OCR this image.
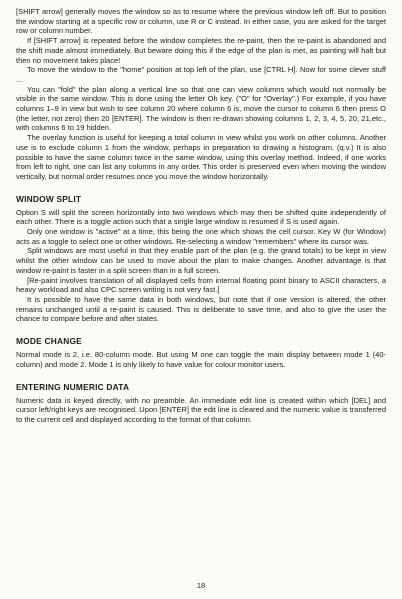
[SHIFT arrow] generally moves the window so as to resume where the previous window left off. But to position the window starting at a specific row or column, use R or C instead. In either case, you are asked for the target row or column number.

If [SHIFT arrow] is repeated before the window completes the re-paint, then the re-paint is abandoned and the shift made almost immediately. But beware doing this if the edge of the plan is met, as painting will halt but then no movement takes place!

To move the window to the "home" position at top left of the plan, use [CTRL H]. Now for some clever stuff ...

You can "fold" the plan along a vertical line so that one can view columns which would not normally be visible in the same window. This is done using the letter Oh key. ("O" for "Overlay".) For example, if you have columns 1–9 in view but wish to see column 20 where column 6 is, move the cursor to column 6 then press O (the letter, not zero) then 20 [ENTER]. The window is then re-drawn showing columns 1, 2, 3, 4, 5, 20, 21,etc., with columns 6 to 19 hidden.

The overlay function is useful for keeping a total column in view whilst you work on other columns. Another use is to exclude column 1 from the window, perhaps in preparation to drawing a histogram. (q.v.) It is also possible to have the same column twice in the same window, using this overlay method. Indeed, if one works from left to right, one can list any columns in any order. This order is preserved even when moving the window vertically, but normal order resumes once you move the window horizontally.

WINDOW SPLIT

Option S will split the screen horizontally into two windows which may then be shifted quite independently of each other. There is a toggle action such that a single large window is resumed if S is used again.

Only one window is "active" at a time, this being the one which shows the cell cursor. Key W (for Window) acts as a toggle to select one or other windows. Re-selecting a window "remembers" where its cursor was.

Split windows are most useful in that they enable part of the plan (e.g. the grand totals) to be kept in view whilst the other window can be used to move about the plan to make changes. Another advantage is that window re-paint is faster in a split screen than in a full screen.

[Re-paint involves translation of all displayed cells from internal floating point binary to ASCII characters, a heavy workload and also CPC screen writing is not very fast.]

It is possible to have the same data in both windows, but note that if one version is altered, the other remains unchanged until a re-paint is caused. This is deliberate to save time, and also to give the user the chance to compare before and after states.

MODE CHANGE

Normal mode is 2, i.e. 80-column mode. But using M one can toggle the main display between mode 1 (40-column) and mode 2. Mode 1 is only likely to have value for colour monitor users.

ENTERING NUMERIC DATA

Numeric data is keyed directly, with no preamble. An immediate edit line is created within which [DEL] and cursor left/right keys are recognised. Upon [ENTER] the edit line is cleared and the numeric value is transferred to the current cell and displayed according to the format of that column.

18
